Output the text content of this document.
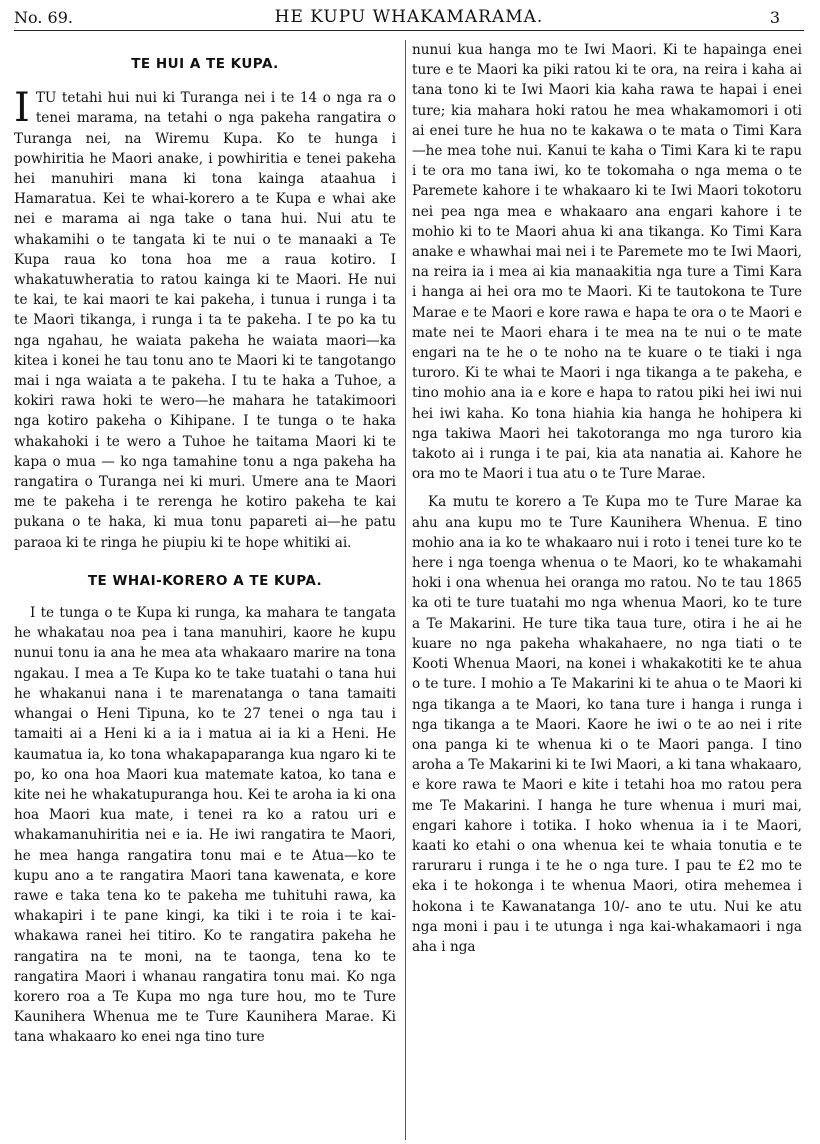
No. 69.	HE KUPU WHAKAMARAMA.	3
TE HUI A TE KUPA.

ITU tetahi hui nui ki Turanga nei i te 14 o nga ra o tenei marama, na tetahi o nga pakeha rangatira o Turanga nei, na Wiremu Kupa. Ko te hunga i powhiritia he Maori anake, i powhiritia e tenei pakeha hei manuhiri mana ki tona kainga ataahua i Hamaratua. Kei te whai-korero a te Kupa e whai ake nei e marama ai nga take o tana hui. Nui atu te whakamihi o te tangata ki te nui o te manaaki a Te Kupa raua ko tona hoa me a raua kotiro. I whakatuwheratia to ratou kainga ki te Maori. He nui te kai, te kai maori te kai pakeha, i tunua i runga i ta te Maori tikanga, i runga i ta te pakeha. I te po ka tu nga ngahau, he waiata pakeha he waiata maori—ka kitea i konei he tau tonu ano te Maori ki te tangotango mai i nga waiata a te pakeha. I tu te haka a Tuhoe, a kokiri rawa hoki te wero—he mahara he tatakimoori nga kotiro pakeha o Kihipane. I te tunga o te haka whakahoki i te wero a Tuhoe he taitama Maori ki te kapa o mua — ko nga tamahine tonu a nga pakeha ha rangatira o Turanga nei ki muri. Umere ana te Maori me te pakeha i te rerenga he kotiro pakeha te kai pukana o te haka, ki mua tonu papareti ai—he patu paraoa ki te ringa he piupiu ki te hope whitiki ai.

TE WHAI-KORERO A TE KUPA.

I te tunga o te Kupa ki runga, ka mahara te tangata he whakatau noa pea i tana manuhiri, kaore he kupu nunui tonu ia ana he mea ata whakaaro marire na tona ngakau. I mea a Te Kupa ko te take tuatahi o tana hui he whakanui nana i te marenatanga o tana tamaiti whangai o Heni Tipuna, ko te 27 tenei o nga tau i tamaiti ai a Heni ki a ia i matua ai ia ki a Heni. He kaumatua ia, ko tona whakapaparanga kua ngaro ki te po, ko ona hoa Maori kua matemate katoa, ko tana e kite nei he whakatupuranga hou. Kei te aroha ia ki ona hoa Maori kua mate, i tenei ra ko a ratou uri e whakamanuhiritia nei e ia. He iwi rangatira te Maori, he mea hanga rangatira tonu mai e te Atua—ko te kupu ano a te rangatira Maori tana kawenata, e kore rawe e taka tena ko te pakeha me tuhituhi rawa, ka whakapiri i te pane kingi, ka tiki i te roia i te kai-whakawa ranei hei titiro. Ko te rangatira pakeha he rangatira na te moni, na te taonga, tena ko te rangatira Maori i whanau rangatira tonu mai. Ko nga korero roa a Te Kupa mo nga ture hou, mo te Ture Kaunihera Whenua me te Ture Kaunihera Marae. Ki tana whakaaro ko enei nga tino ture

nunui kua hanga mo te Iwi Maori. Ki te hapainga enei ture e te Maori ka piki ratou ki te ora, na reira i kaha ai tana tono ki te Iwi Maori kia kaha rawa te hapai i enei ture; kia mahara hoki ratou he mea whakamomori i oti ai enei ture he hua no te kakawa o te mata o Timi Kara—he mea tohe nui. Kanui te kaha o Timi Kara ki te rapu i te ora mo tana iwi, ko te tokomaha o nga mema o te Paremete kahore i te whakaaro ki te Iwi Maori tokotoru nei pea nga mea e whakaaro ana engari kahore i te mohio ki to te Maori ahua ki ana tikanga. Ko Timi Kara anake e whawhai mai nei i te Paremete mo te Iwi Maori, na reira ia i mea ai kia manaakitia nga ture a Timi Kara i hanga ai hei ora mo te Maori. Ki te tautokona te Ture Marae e te Maori e kore rawa e hapa te ora o te Maori e mate nei te Maori ehara i te mea na te nui o te mate engari na te he o te noho na te kuare o te tiaki i nga turoro. Ki te whai te Maori i nga tikanga a te pakeha, e tino mohio ana ia e kore e hapa to ratou piki hei iwi nui hei iwi kaha. Ko tona hiahia kia hanga he hohipera ki nga takiwa Maori hei takotoranga mo nga turoro kia takoto ai i runga i te pai, kia ata nanatia ai. Kahore he ora mo te Maori i tua atu o te Ture Marae.

Ka mutu te korero a Te Kupa mo te Ture Marae ka ahu ana kupu mo te Ture Kaunihera Whenua. E tino mohio ana ia ko te whakaaro nui i roto i tenei ture ko te here i nga toenga whenua o te Maori, ko te whakamahi hoki i ona whenua hei oranga mo ratou. No te tau 1865 ka oti te ture tuatahi mo nga whenua Maori, ko te ture a Te Makarini. He ture tika taua ture, otira i he ai he kuare no nga pakeha whakahaere, no nga tiati o te Kooti Whenua Maori, na konei i whakakotiti ke te ahua o te ture. I mohio a Te Makarini ki te ahua o te Maori ki nga tikanga a te Maori, ko tana ture i hanga i runga i nga tikanga a te Maori. Kaore he iwi o te ao nei i rite ona panga ki te whenua ki o te Maori panga. I tino aroha a Te Makarini ki te Iwi Maori, a ki tana whakaaro, e kore rawa te Maori e kite i tetahi hoa mo ratou pera me Te Makarini. I hanga he ture whenua i muri mai, engari kahore i totika. I hoko whenua ia i te Maori, kaati ko etahi o ona whenua kei te whaia tonutia e te raruraru i runga i te he o nga ture. I pau te £2 mo te eka i te hokonga i te whenua Maori, otira mehemea i hokona i te Kawanatanga 10/- ano te utu. Nui ke atu nga moni i pau i te utunga i nga kai-whakamaori i nga aha i nga
